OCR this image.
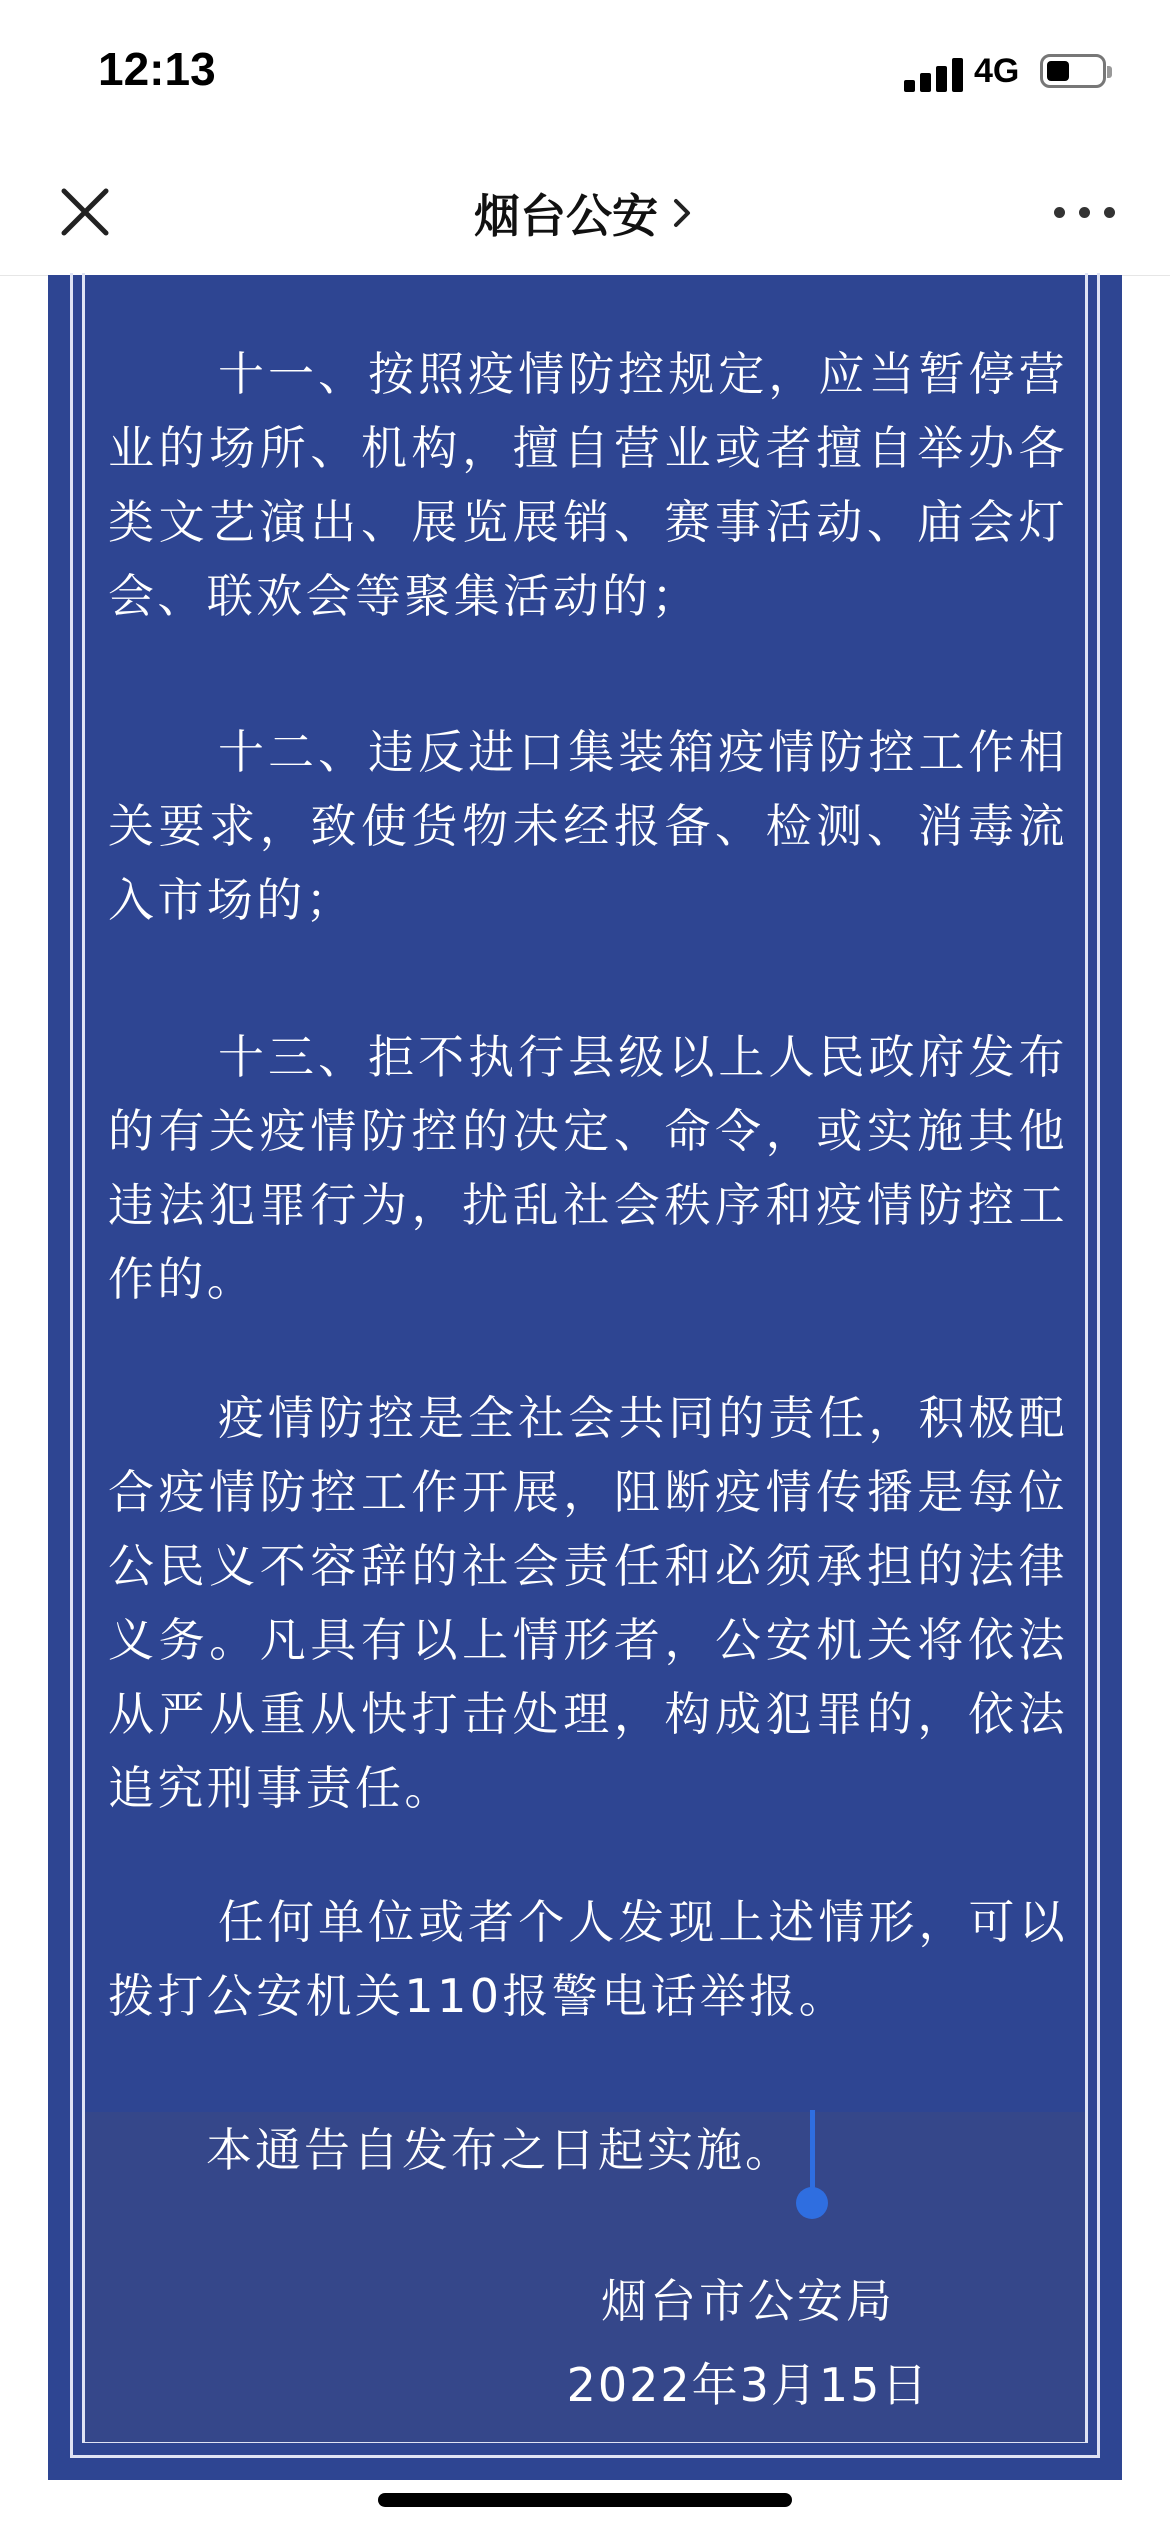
12:13	4G
烟台公安

十一、按照疫情防控规定，应当暂停营业的场所、机构，擅自营业或者擅自举办各类文艺演出、展览展销、赛事活动、庙会灯会、联欢会等聚集活动的；

十二、违反进口集装箱疫情防控工作相关要求，致使货物未经报备、检测、消毒流入市场的；

十三、拒不执行县级以上人民政府发布的有关疫情防控的决定、命令，或实施其他违法犯罪行为，扰乱社会秩序和疫情防控工作的。

疫情防控是全社会共同的责任，积极配合疫情防控工作开展，阻断疫情传播是每位公民义不容辞的社会责任和必须承担的法律义务。凡具有以上情形者，公安机关将依法从严从重从快打击处理，构成犯罪的，依法追究刑事责任。

任何单位或者个人发现上述情形，可以拨打公安机关110报警电话举报。

本通告自发布之日起实施。
烟台市公安局
2022年3月15日
